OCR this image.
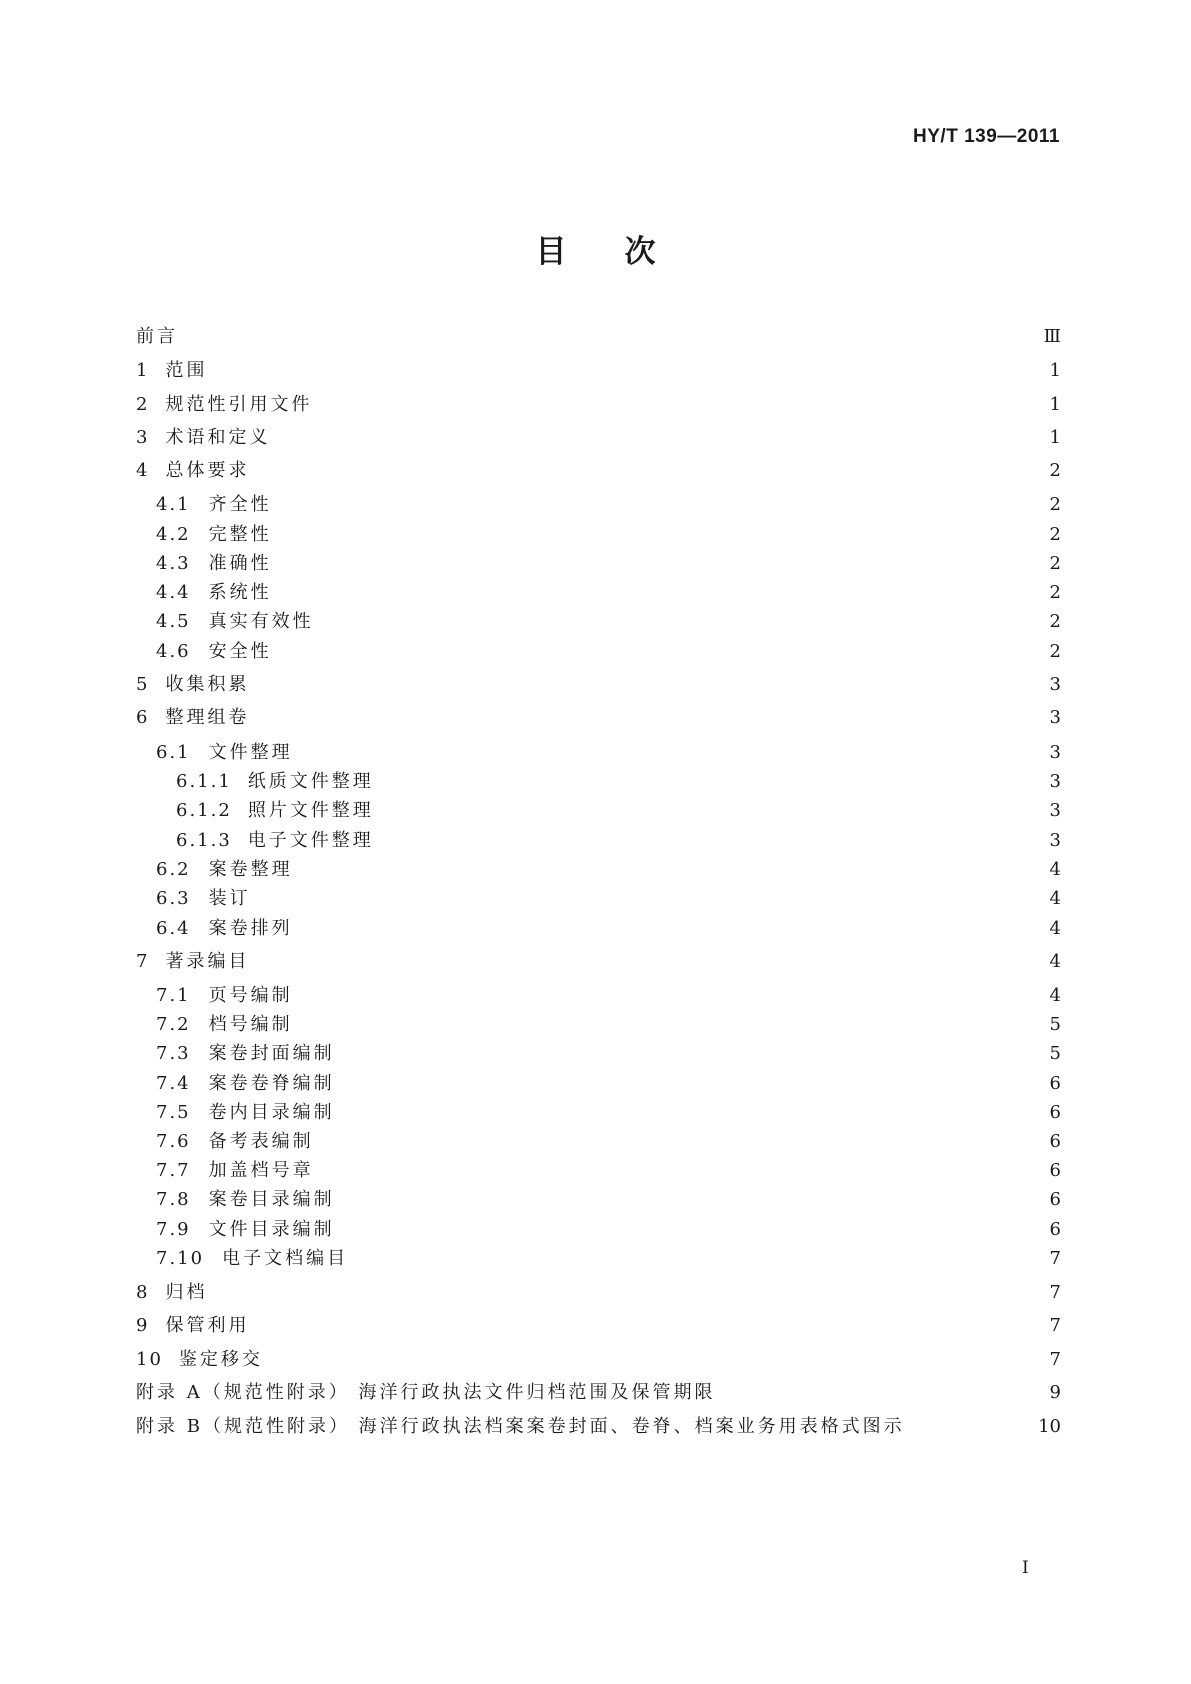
HY/T 139—2011
目 次
前言	Ⅲ
1 范围	1
2 规范性引用文件	1
3 术语和定义	1
4 总体要求	2
4.1 齐全性	2
4.2 完整性	2
4.3 准确性	2
4.4 系统性	2
4.5 真实有效性	2
4.6 安全性	2
5 收集积累	3
6 整理组卷	3
6.1 文件整理	3
6.1.1 纸质文件整理	3
6.1.2 照片文件整理	3
6.1.3 电子文件整理	3
6.2 案卷整理	4
6.3 装订	4
6.4 案卷排列	4
7 著录编目	4
7.1 页号编制	4
7.2 档号编制	5
7.3 案卷封面编制	5
7.4 案卷卷脊编制	6
7.5 卷内目录编制	6
7.6 备考表编制	6
7.7 加盖档号章	6
7.8 案卷目录编制	6
7.9 文件目录编制	6
7.10 电子文档编目	7
8 归档	7
9 保管利用	7
10 鉴定移交	7
附录 A（规范性附录） 海洋行政执法文件归档范围及保管期限	9
附录 B（规范性附录） 海洋行政执法档案案卷封面、卷脊、档案业务用表格式图示	10
I
